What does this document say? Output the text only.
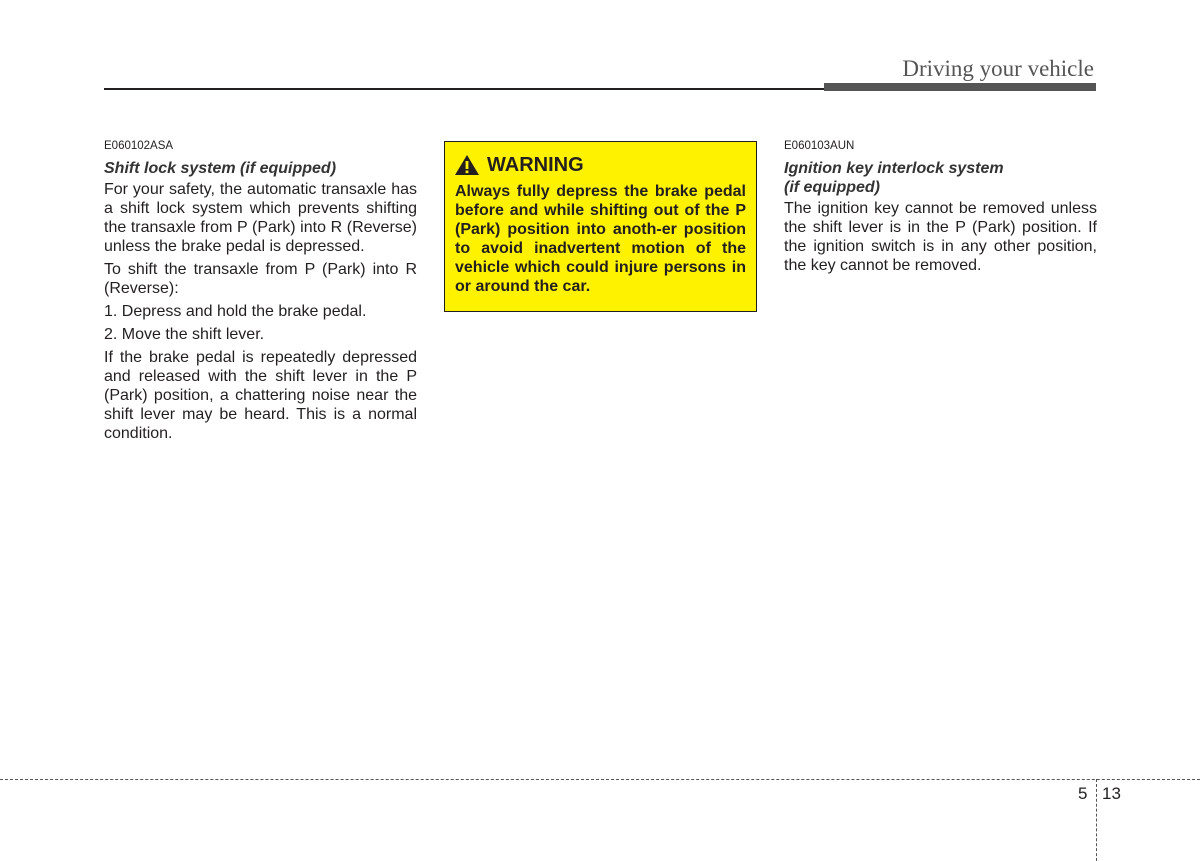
Driving your vehicle
E060102ASA
Shift lock system (if equipped)

For your safety, the automatic transaxle has a shift lock system which prevents shifting the transaxle from P (Park) into R (Reverse) unless the brake pedal is depressed.

To shift the transaxle from P (Park) into R (Reverse):

1. Depress and hold the brake pedal.

2. Move the shift lever.

If the brake pedal is repeatedly depressed and released with the shift lever in the P (Park) position, a chattering noise near the shift lever may be heard. This is a normal condition.

WARNING

Always fully depress the brake pedal before and while shifting out of the P (Park) position into anoth-er position to avoid inadvertent motion of the vehicle which could injure persons in or around the car.

E060103AUN
Ignition key interlock system
(if equipped)

The ignition key cannot be removed unless the shift lever is in the P (Park) position. If the ignition switch is in any other position, the key cannot be removed.

5 13
